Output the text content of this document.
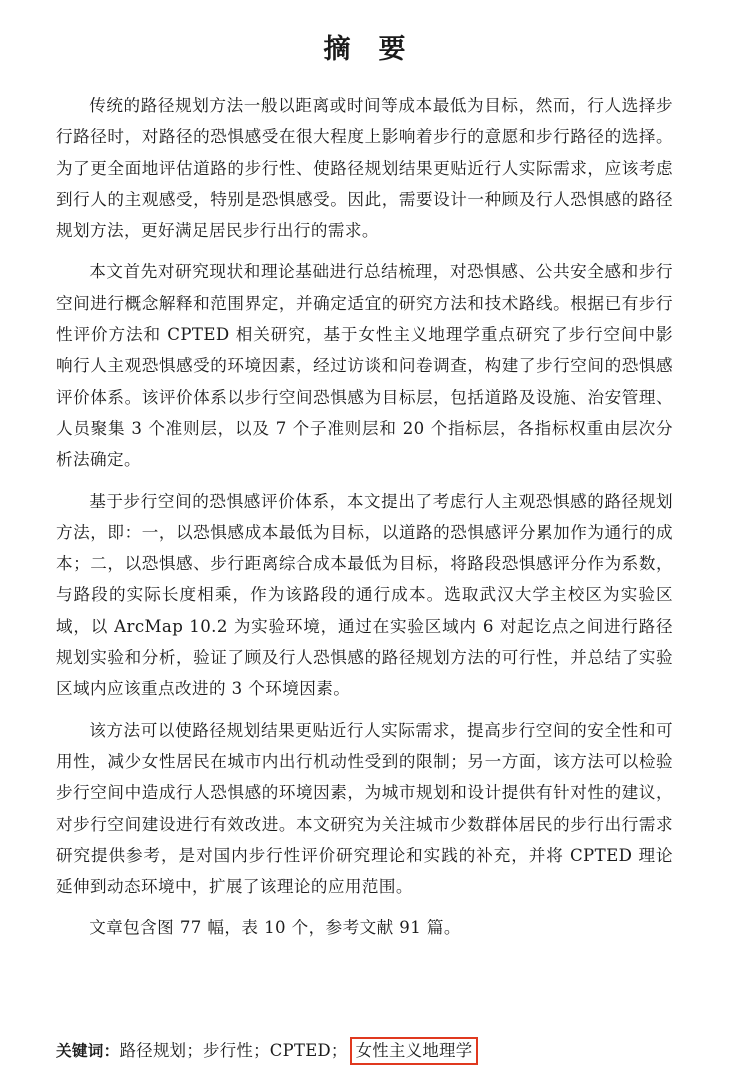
摘要

传统的路径规划方法一般以距离或时间等成本最低为目标，然而，行人选择步行路径时，对路径的恐惧感受在很大程度上影响着步行的意愿和步行路径的选择。为了更全面地评估道路的步行性、使路径规划结果更贴近行人实际需求，应该考虑到行人的主观感受，特别是恐惧感受。因此，需要设计一种顾及行人恐惧感的路径规划方法，更好满足居民步行出行的需求。

本文首先对研究现状和理论基础进行总结梳理，对恐惧感、公共安全感和步行空间进行概念解释和范围界定，并确定适宜的研究方法和技术路线。根据已有步行性评价方法和 CPTED 相关研究，基于女性主义地理学重点研究了步行空间中影响行人主观恐惧感受的环境因素，经过访谈和问卷调查，构建了步行空间的恐惧感评价体系。该评价体系以步行空间恐惧感为目标层，包括道路及设施、治安管理、人员聚集 3 个准则层，以及 7 个子准则层和 20 个指标层，各指标权重由层次分析法确定。

基于步行空间的恐惧感评价体系，本文提出了考虑行人主观恐惧感的路径规划方法，即：一，以恐惧感成本最低为目标，以道路的恐惧感评分累加作为通行的成本；二，以恐惧感、步行距离综合成本最低为目标，将路段恐惧感评分作为系数，与路段的实际长度相乘，作为该路段的通行成本。选取武汉大学主校区为实验区域，以 ArcMap 10.2 为实验环境，通过在实验区域内 6 对起讫点之间进行路径规划实验和分析，验证了顾及行人恐惧感的路径规划方法的可行性，并总结了实验区域内应该重点改进的 3 个环境因素。

该方法可以使路径规划结果更贴近行人实际需求，提高步行空间的安全性和可用性，减少女性居民在城市内出行机动性受到的限制；另一方面，该方法可以检验步行空间中造成行人恐惧感的环境因素，为城市规划和设计提供有针对性的建议，对步行空间建设进行有效改进。本文研究为关注城市少数群体居民的步行出行需求研究提供参考，是对国内步行性评价研究理论和实践的补充，并将 CPTED 理论延伸到动态环境中，扩展了该理论的应用范围。

文章包含图 77 幅，表 10 个，参考文献 91 篇。

关键词：路径规划；步行性；CPTED； 女性主义地理学
